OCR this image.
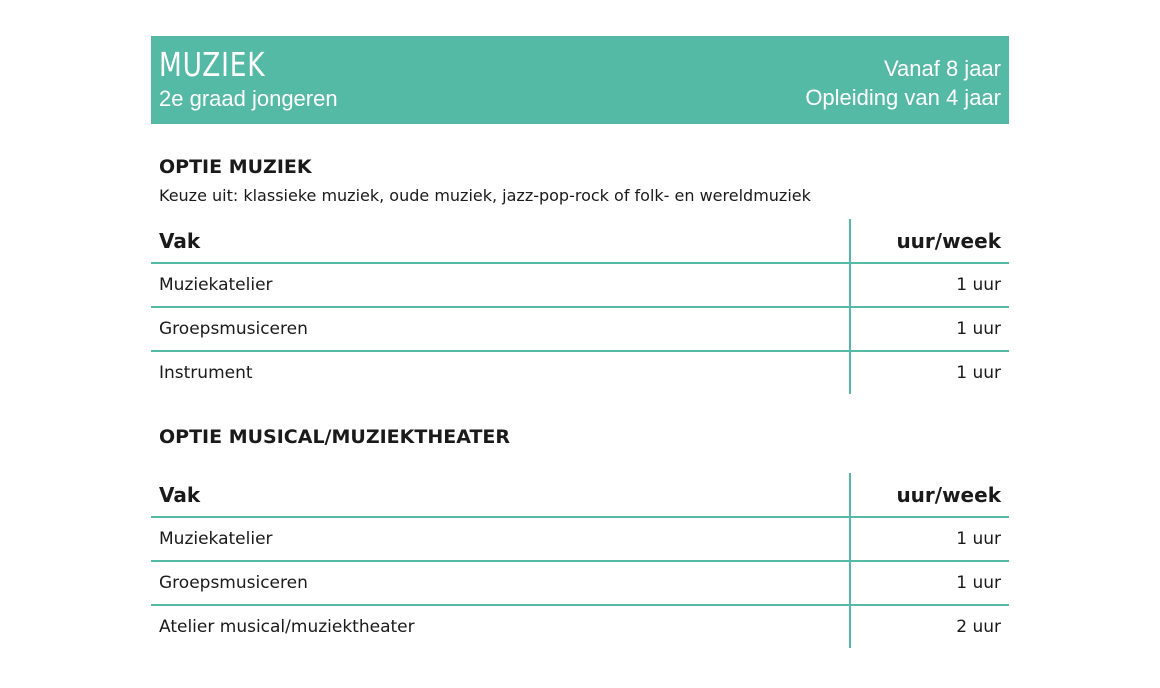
MUZIEK
2e graad jongeren
Vanaf 8 jaar
Opleiding van 4 jaar
OPTIE MUZIEK
Keuze uit: klassieke muziek, oude muziek, jazz-pop-rock of folk- en wereldmuziek
Vak	uur/week
Muziekatelier	1 uur
Groepsmusiceren	1 uur
Instrument	1 uur
OPTIE MUSICAL/MUZIEKTHEATER
Vak	uur/week
Muziekatelier	1 uur
Groepsmusiceren	1 uur
Atelier musical/muziektheater	2 uur
